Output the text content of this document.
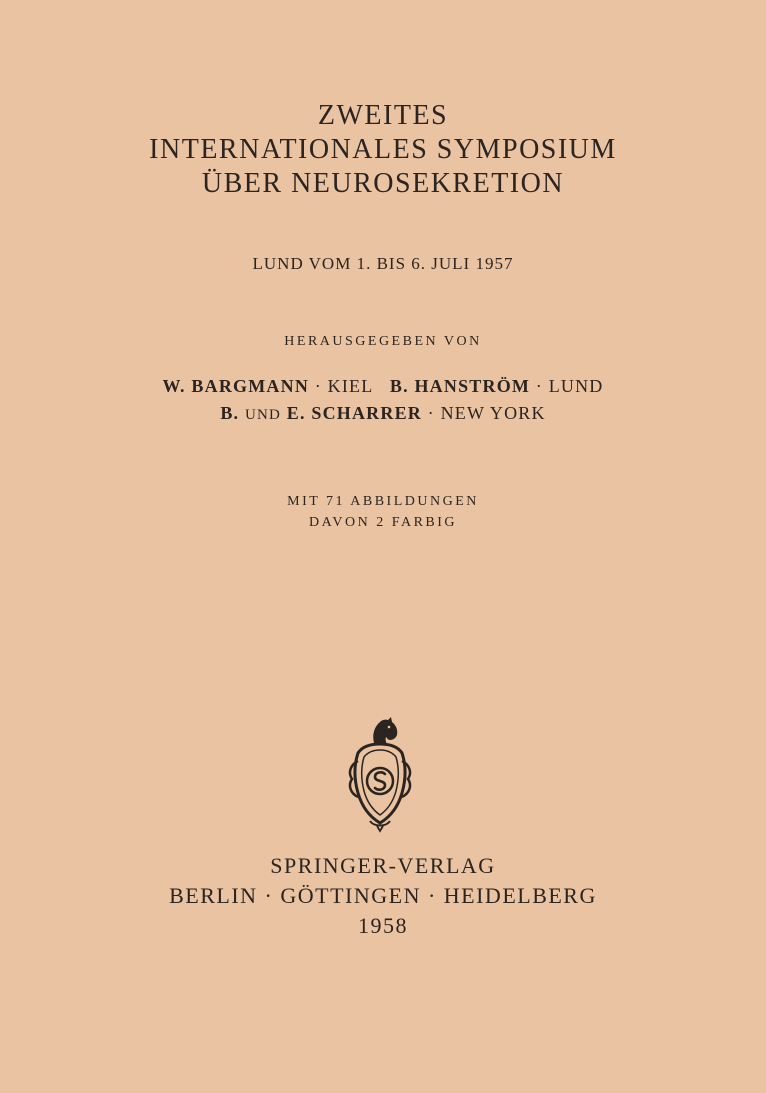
ZWEITES
INTERNATIONALES SYMPOSIUM
ÜBER NEUROSEKRETION
LUND VOM 1. BIS 6. JULI 1957
HERAUSGEGEBEN VON
W. BARGMANN · KIEL B. HANSTRÖM · LUND
B. UND E. SCHARRER · NEW YORK
MIT 71 ABBILDUNGEN
DAVON 2 FARBIG
SPRINGER-VERLAG
BERLIN · GÖTTINGEN · HEIDELBERG
1958
